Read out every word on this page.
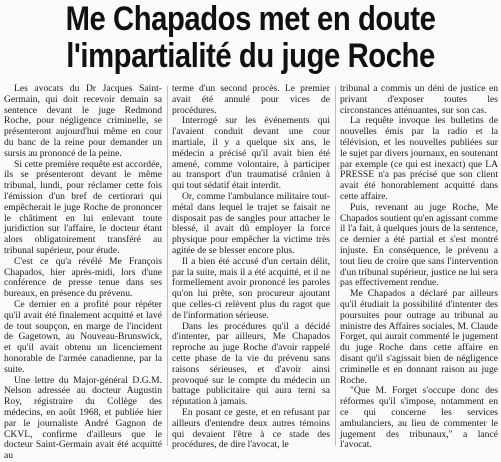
Me Chapados met en doute
l'impartialité du juge Roche

Les avocats du Dr Jacques Saint-Germain, qui doit recevoir demain sa sentence devant le juge Redmond Roche, pour négligence criminelle, se présenteront aujourd'hui même en cour du banc de la reine pour demander un sursis au prononcé de la peine.

Si cette première requête est accordée, ils se présenteront devant le même tribunal, lundi, pour réclamer cette fois l'émission d'un bref de certiorari qui empêcherait le juge Roche de prononcer le châtiment en lui enlevant toute juridiction sur l'affaire, le docteur étant alors obligatoirement transféré au tribunal supérieur, pour étude.

C'est ce qu'a révélé Me François Chapados, hier après-midi, lors d'une conférence de presse tenue dans ses bureaux, en présence du prévenu.

Ce dernier en a profité pour répéter qu'il avait été finalement acquitté et lavé de tout soupçon, en marge de l'incident de Gagetown, au Nouveau-Brunswick, et qu'il avait obtenu un licenciement honorable de l'armée canadienne, par la suite.

Une lettre du Major-général D.G.M. Nelson adressée au docteur Augustin Roy, régistraire du Collège des médecins, en août 1968, et publiée hier par le journaliste André Gagnon de CKVL, confirme d'ailleurs que le docteur Saint-Germain avait été acquitté au

terme d'un second procès. Le premier avait été annulé pour vices de procédures.

Interrogé sur les événements qui l'avaient conduit devant une cour martiale, il y a quelque six ans, le médecin a précisé qu'il avait bien été amené, comme volontaire, à participer au transport d'un traumatisé crânien à qui tout sédatif était interdit.

Or, comme l'ambulance militaire tout-métal dans lequel le trajet se faisait ne disposait pas de sangles pour attacher le blessé, il avait dû employer la force physique pour empêcher la victime très agitée de se blesser encore plus.

Il a bien été accusé d'un certain délit, par la suite, mais il a été acquitté, et il ne formellement avoir prononcé les paroles qu'on lui prête, son procureur ajoutant que celles-ci relèvent plus du ragot que de l'information sérieuse.

Dans les procédures qu'il a décidé d'intenter, par ailleurs, Me Chapados reproche au juge Roche d'avoir rappelé cette phase de la vie du prévenu sans raisons sérieuses, et d'avoir ainsi provoqué sur le compte du médecin un battage publicitaire qui aura terni sa réputation à jamais.

En posant ce geste, et en refusant par ailleurs d'entendre deux autres témoins qui devaient l'être à ce stade des procédures, de dire l'avocat, le

tribunal a commis un déni de justice en privant d'exposer toutes les circonstances atténuantes, sur son cas.

La requête invoque les bulletins de nouvelles émis par la radio et la télévision, et les nouvelles publiées sur le sujet par divers journaux, en soutenant par exemple (ce qui est inexact) que LA PRESSE n'a pas précisé que son client avait été honorablement acquitté dans cette affaire.

Puis, revenant au juge Roche, Me Chapados soutient qu'en agissant comme il l'a fait, à quelques jours de la sentence, ce dernier a été partial et s'est montré injuste. En conséquence, le prévenu a tout lieu de croire que sans l'intervention d'un tribunal supérieur, justice ne lui sera pas effectivement rendue.

Me Chapados a déclaré par ailleurs qu'il étudiait la possibilité d'intenter des poursuites pour outrage au tribunal au ministre des Affaires sociales, M. Claude Forget, qui aurait commenté le jugement du juge Roche dans cette affaire en disant qu'il s'agissait bien de négligence criminelle et en donnant raison au juge Roche.

"Que M. Forget s'occupe donc des réformes qu'il s'impose, notamment en ce qui concerne les services ambulanciers, au lieu de commenter le jugement des tribunaux," a lancé l'avocat.
